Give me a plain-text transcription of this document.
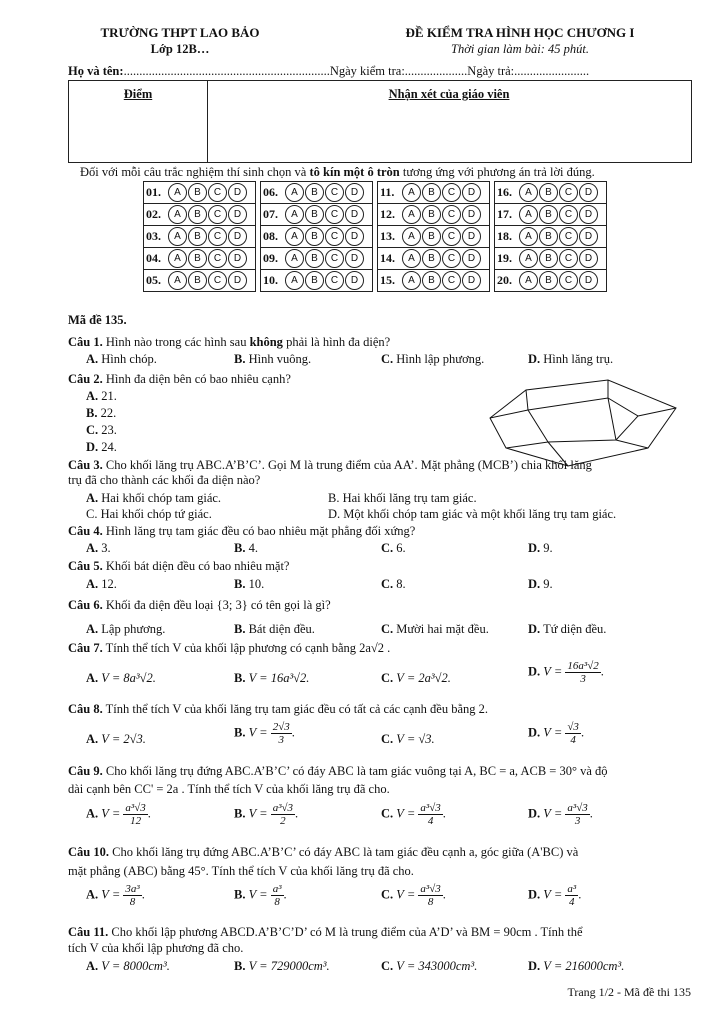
TRƯỜNG THPT LAO BẢO
Lớp 12B…
ĐỀ KIỂM TRA HÌNH HỌC CHƯƠNG I
Thời gian làm bài: 45 phút.
Họ và tên:..................................................................Ngày kiểm tra:....................Ngày trả:........................
Điểm	Nhận xét của giáo viên
Đối với mỗi câu trắc nghiệm thí sinh chọn và tô kín một ô tròn tương ứng với phương án trả lời đúng.
01.	A	B	C	D
02.	A	B	C	D
03.	A	B	C	D
04.	A	B	C	D
05.	A	B	C	D
06.	A	B	C	D
07.	A	B	C	D
08.	A	B	C	D
09.	A	B	C	D
10.	A	B	C	D
11.	A	B	C	D
12.	A	B	C	D
13.	A	B	C	D
14.	A	B	C	D
15.	A	B	C	D
16.	A	B	C	D
17.	A	B	C	D
18.	A	B	C	D
19.	A	B	C	D
20.	A	B	C	D
Mã đề 135.
Câu 1. Hình nào trong các hình sau không phải là hình đa diện?
A. Hình chóp.	B. Hình vuông.	C. Hình lập phương.	D. Hình lăng trụ.
Câu 2. Hình đa diện bên có bao nhiêu cạnh?
A. 21.
B. 22.
C. 23.
D. 24.
Câu 3. Cho khối lăng trụ ABC.A’B’C’. Gọi M là trung điểm của AA’. Mặt phẳng (MCB’) chia khối lăng
trụ đã cho thành các khối đa diện nào?
A. Hai khối chóp tam giác.	B. Hai khối lăng trụ tam giác.
C. Hai khối chóp tứ giác.	D. Một khối chóp tam giác và một khối lăng trụ tam giác.
Câu 4. Hình lăng trụ tam giác đều có bao nhiêu mặt phẳng đối xứng?
A. 3.	B. 4.	C. 6.	D. 9.
Câu 5. Khối bát diện đều có bao nhiêu mặt?
A. 12.	B. 10.	C. 8.	D. 9.
Câu 6. Khối đa diện đều loại {3; 3} có tên gọi là gì?
A. Lập phương.	B. Bát diện đều.	C. Mười hai mặt đều.	D. Tứ diện đều.
Câu 7. Tính thể tích V của khối lập phương có cạnh bằng 2a√2 .
A. V = 8a³√2.	B. V = 16a³√2.	C. V = 2a³√2.	D. $V = \frac{\text{16a³√2}}{3}$ .
Câu 8. Tính thể tích V của khối lăng trụ tam giác đều có tất cả các cạnh đều bằng 2.
A. V = 2√3.	B. $V = \frac{2√3}{3}$ .	C. V = √3.	D. $V = \frac{√3}{4}$ .
Câu 9. Cho khối lăng trụ đứng ABC.A’B’C’ có đáy ABC là tam giác vuông tại A, BC = a, ACB = 30° và độ
dài cạnh bên CC' = 2a . Tính thể tích V của khối lăng trụ đã cho.
A. $V = \frac{\text{a³√3}}{12}$ .	B. $V = \frac{\text{a³√3}}{2}$ .	C. $V = \frac{\text{a³√3}}{4}$ .	D. $V = \frac{\text{a³√3}}{3}$ .
Câu 10. Cho khối lăng trụ đứng ABC.A’B’C’ có đáy ABC là tam giác đều cạnh a, góc giữa (A'BC) và
mặt phẳng (ABC) bằng 45°. Tính thể tích V của khối lăng trụ đã cho.
A. $V = \frac{\text{3a³}}{8}$ .	B. $V = \frac{\text{a³}}{8}$ .	C. $V = \frac{\text{a³√3}}{8}$ .	D. $V = \frac{\text{a³}}{4}$ .
Câu 11. Cho khối lập phương ABCD.A’B’C’D’ có M là trung điểm của A’D’ và BM = 90cm . Tính thể
tích V của khối lập phương đã cho.
A. V = 8000cm³.	B. V = 729000cm³.	C. V = 343000cm³.	D. V = 216000cm³.
Trang 1/2 - Mã đề thi 135
